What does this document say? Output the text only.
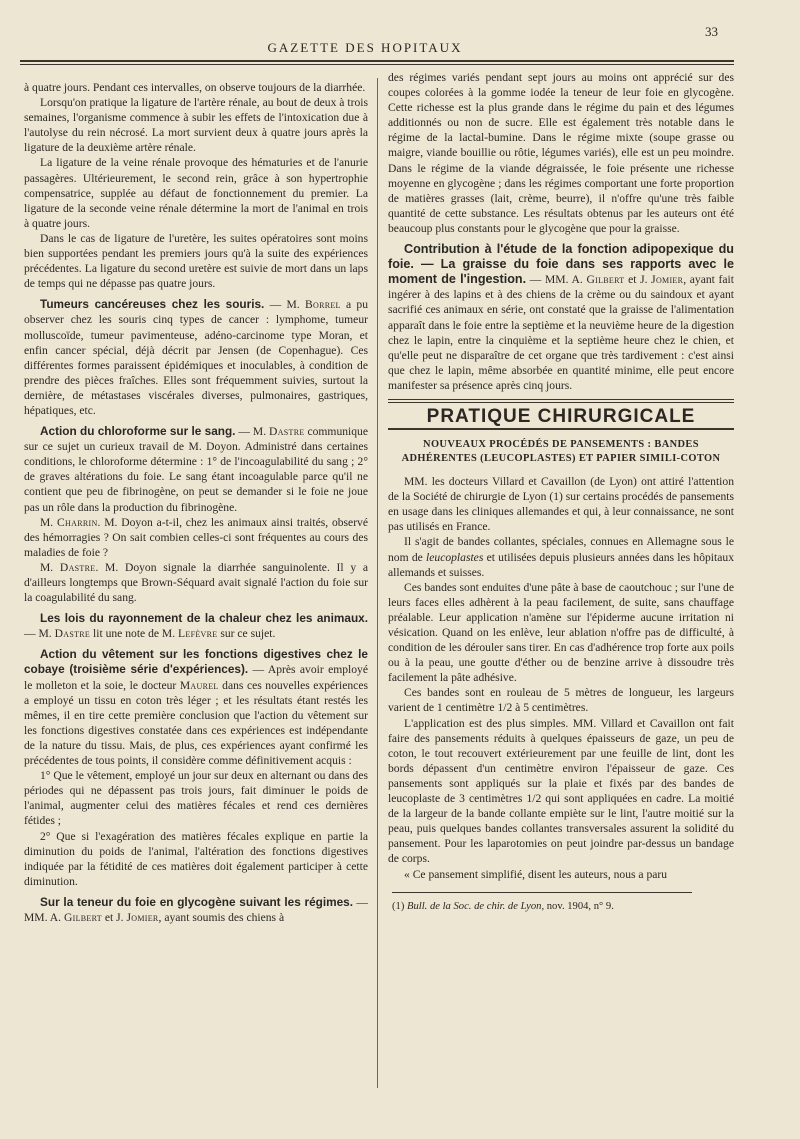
33
GAZETTE DES HOPITAUX

à quatre jours. Pendant ces intervalles, on observe toujours de la diarrhée.

Lorsqu'on pratique la ligature de l'artère rénale, au bout de deux à trois semaines, l'organisme commence à subir les effets de l'intoxication due à l'autolyse du rein nécrosé. La mort survient deux à quatre jours après la ligature de la deuxième artère rénale.

La ligature de la veine rénale provoque des hématuries et de l'anurie passagères. Ultérieurement, le second rein, grâce à son hypertrophie compensatrice, supplée au défaut de fonctionnement du premier. La ligature de la seconde veine rénale détermine la mort de l'animal en trois à quatre jours.

Dans le cas de ligature de l'uretère, les suites opératoires sont moins bien supportées pendant les premiers jours qu'à la suite des expériences précédentes. La ligature du second uretère est suivie de mort dans un laps de temps qui ne dépasse pas quatre jours.

Tumeurs cancéreuses chez les souris. — M. Borrel a pu observer chez les souris cinq types de cancer : lymphome, tumeur molluscoïde, tumeur pavimenteuse, adéno-carcinome type Moran, et enfin cancer spécial, déjà décrit par Jensen (de Copenhague). Ces différentes formes paraissent épidémiques et inoculables, à condition de prendre des pièces fraîches. Elles sont fréquemment suivies, surtout la dernière, de métastases viscérales diverses, pulmonaires, gastriques, hépatiques, etc.

Action du chloroforme sur le sang. — M. Dastre communique sur ce sujet un curieux travail de M. Doyon. Administré dans certaines conditions, le chloroforme détermine : 1° de l'incoagulabilité du sang ; 2° de graves altérations du foie. Le sang étant incoagulable parce qu'il ne contient que peu de fibrinogène, on peut se demander si le foie ne joue pas un rôle dans la production du fibrinogène.

M. Charrin. M. Doyon a-t-il, chez les animaux ainsi traités, observé des hémorragies ? On sait combien celles-ci sont fréquentes au cours des maladies de foie ?

M. Dastre. M. Doyon signale la diarrhée sanguinolente. Il y a d'ailleurs longtemps que Brown-Séquard avait signalé l'action du foie sur la coagulabilité du sang.

Les lois du rayonnement de la chaleur chez les animaux. — M. Dastre lit une note de M. Lefèvre sur ce sujet.

Action du vêtement sur les fonctions digestives chez le cobaye (troisième série d'expériences). — Après avoir employé le molleton et la soie, le docteur Maurel dans ces nouvelles expériences a employé un tissu en coton très léger ; et les résultats étant restés les mêmes, il en tire cette première conclusion que l'action du vêtement sur les fonctions digestives constatée dans ces expériences est indépendante de la nature du tissu. Mais, de plus, ces expériences ayant confirmé les précédentes de tous points, il considère comme définitivement acquis :

1° Que le vêtement, employé un jour sur deux en alternant ou dans des périodes qui ne dépassent pas trois jours, fait diminuer le poids de l'animal, augmenter celui des matières fécales et rend ces dernières fétides ;

2° Que si l'exagération des matières fécales explique en partie la diminution du poids de l'animal, l'altération des fonctions digestives indiquée par la fétidité de ces matières doit également participer à cette diminution.

Sur la teneur du foie en glycogène suivant les régimes. — MM. A. Gilbert et J. Jomier, ayant soumis des chiens à

des régimes variés pendant sept jours au moins ont apprécié sur des coupes colorées à la gomme iodée la teneur de leur foie en glycogène. Cette richesse est la plus grande dans le régime du pain et des légumes additionnés ou non de sucre. Elle est également très notable dans le régime de la lactal-bumine. Dans le régime mixte (soupe grasse ou maigre, viande bouillie ou rôtie, légumes variés), elle est un peu moindre. Dans le régime de la viande dégraissée, le foie présente une richesse moyenne en glycogène ; dans les régimes comportant une forte proportion de matières grasses (lait, crème, beurre), il n'offre qu'une très faible quantité de cette substance. Les résultats obtenus par les auteurs ont été beaucoup plus constants pour le glycogène que pour la graisse.

Contribution à l'étude de la fonction adipopexique du foie. — La graisse du foie dans ses rapports avec le moment de l'ingestion. — MM. A. Gilbert et J. Jomier, ayant fait ingérer à des lapins et à des chiens de la crème ou du saindoux et ayant sacrifié ces animaux en série, ont constaté que la graisse de l'alimentation apparaît dans le foie entre la septième et la neuvième heure de la digestion chez le lapin, entre la cinquième et la septième heure chez le chien, et qu'elle peut ne disparaître de cet organe que très tardivement : c'est ainsi que chez le lapin, même absorbée en quantité minime, elle peut encore manifester sa présence après cinq jours.

PRATIQUE CHIRURGICALE
NOUVEAUX PROCÉDÉS DE PANSEMENTS : BANDES ADHÉRENTES (LEUCOPLASTES) ET PAPIER SIMILI-COTON

MM. les docteurs Villard et Cavaillon (de Lyon) ont attiré l'attention de la Société de chirurgie de Lyon (1) sur certains procédés de pansements en usage dans les cliniques allemandes et qui, à leur connaissance, ne sont pas utilisés en France.

Il s'agit de bandes collantes, spéciales, connues en Allemagne sous le nom de leucoplastes et utilisées depuis plusieurs années dans les hôpitaux allemands et suisses.

Ces bandes sont enduites d'une pâte à base de caoutchouc ; sur l'une de leurs faces elles adhèrent à la peau facilement, de suite, sans chauffage préalable. Leur application n'amène sur l'épiderme aucune irritation ni vésication. Quand on les enlève, leur ablation n'offre pas de difficulté, à condition de les dérouler sans tirer. En cas d'adhérence trop forte aux poils ou à la peau, une goutte d'éther ou de benzine arrive à dissoudre très facilement la pâte adhésive.

Ces bandes sont en rouleau de 5 mètres de longueur, les largeurs varient de 1 centimètre 1/2 à 5 centimètres.

L'application est des plus simples. MM. Villard et Cavaillon ont fait faire des pansements réduits à quelques épaisseurs de gaze, un peu de coton, le tout recouvert extérieurement par une feuille de lint, dont les bords dépassent d'un centimètre environ l'épaisseur de gaze. Ces pansements sont appliqués sur la plaie et fixés par des bandes de leucoplaste de 3 centimètres 1/2 qui sont appliquées en cadre. La moitié de la largeur de la bande collante empiète sur le lint, l'autre moitié sur la peau, puis quelques bandes collantes transversales assurent la solidité du pansement. Pour les laparotomies on peut joindre par-dessus un bandage de corps.

« Ce pansement simplifié, disent les auteurs, nous a paru

(1) Bull. de la Soc. de chir. de Lyon, nov. 1904, n° 9.
